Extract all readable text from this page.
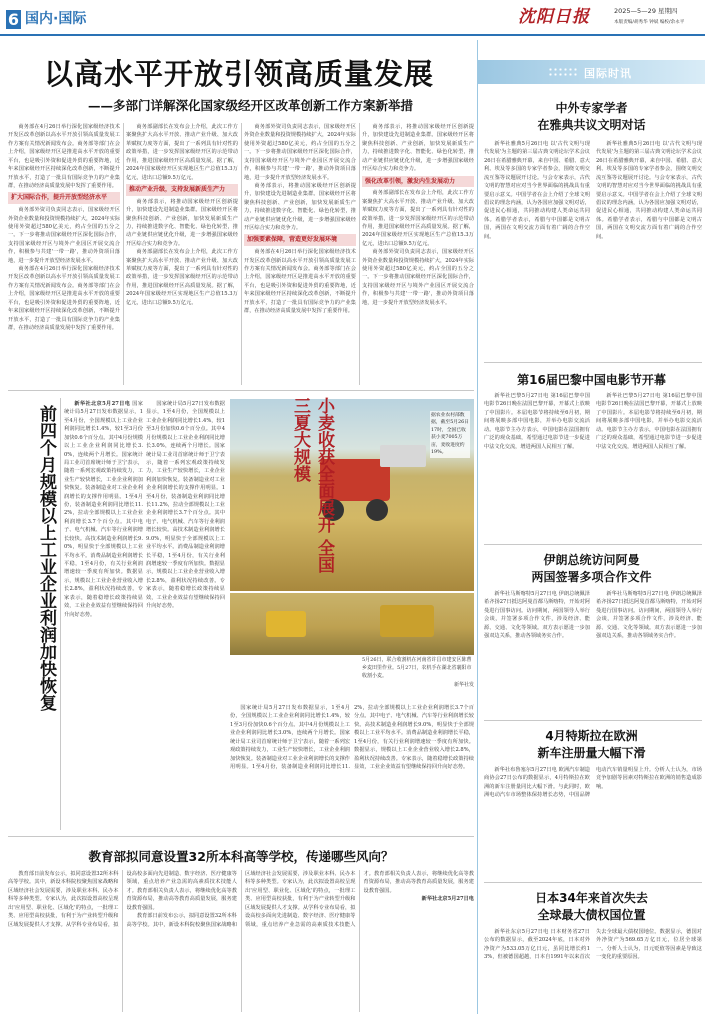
6 国内·国际	沈阳日报	2025—5—29 星期四
本版责编/胡秀华 钟斌 编校/余永平
以高水平开放引领高质量发展
——多部门详解深化国家级经开区改革创新工作方案新举措

商务部在4月26日举行深化国家级经济技术开发区改革创新以高水平开放引领高质量发展工作方案有关情况新闻发布会。商务部等部门在会上介绍，国家级经开区是推进高水平开放的重要平台，也是吸引外资和促进外贸的重要阵地，近年来国家级经开区持续深化改革创新，不断提升开放水平，打造了一批具有国际竞争力的产业集群，在推动经济高质量发展中发挥了重要作用。

扩大国际合作，提升开放型经济水平

商务部外资司负责同志表示，国家级经开区外资企业数量和投资规模持续扩大，2024年实际使用外资超过580亿美元，约占全国的五分之一。下一步将推动国家级经开区深化国际合作，支持国家级经开区与境外产业园区开展交流合作，积极参与共建'一带一路'，推动外资项目落地，进一步提升开放型经济发展水平。

商务部在4月26日举行深化国家级经济技术开发区改革创新以高水平开放引领高质量发展工作方案有关情况新闻发布会。商务部等部门在会上介绍，国家级经开区是推进高水平开放的重要平台，也是吸引外资和促进外贸的重要阵地，近年来国家级经开区持续深化改革创新，不断提升开放水平，打造了一批具有国际竞争力的产业集群，在推动经济高质量发展中发挥了重要作用。

商务部副部长在发布会上介绍，此次工作方案聚焦扩大高水平开放、推动产业升级、加大改革赋权力度等方面，提出了一系列具有针对性的政策举措，进一步发挥国家级经开区的示范带动作用，推进国家级经开区高质量发展。据了解，2024年国家级经开区实现地区生产总值15.3万亿元，进出口总额9.5万亿元。

推动产业升级，支持发展新质生产力

商务部表示，将推动国家级经开区创新提升，加快建设先进制造业集群。国家级经开区将聚焦科技创新、产业创新，加快发展新质生产力，持续推进数字化、智能化、绿色化转型，推动产业链供应链优化升级，进一步增强国家级经开区综合实力和竞争力。

商务部副部长在发布会上介绍，此次工作方案聚焦扩大高水平开放、推动产业升级、加大改革赋权力度等方面，提出了一系列具有针对性的政策举措，进一步发挥国家级经开区的示范带动作用，推进国家级经开区高质量发展。据了解，2024年国家级经开区实现地区生产总值15.3万亿元，进出口总额9.5万亿元。

商务部外资司负责同志表示，国家级经开区外资企业数量和投资规模持续扩大，2024年实际使用外资超过580亿美元，约占全国的五分之一。下一步将推动国家级经开区深化国际合作，支持国家级经开区与境外产业园区开展交流合作，积极参与共建'一带一路'，推动外资项目落地，进一步提升开放型经济发展水平。

商务部表示，将推动国家级经开区创新提升，加快建设先进制造业集群。国家级经开区将聚焦科技创新、产业创新，加快发展新质生产力，持续推进数字化、智能化、绿色化转型，推动产业链供应链优化升级，进一步增强国家级经开区综合实力和竞争力。

加强要素保障，营造更好发展环境

商务部在4月26日举行深化国家级经济技术开发区改革创新以高水平开放引领高质量发展工作方案有关情况新闻发布会。商务部等部门在会上介绍，国家级经开区是推进高水平开放的重要平台，也是吸引外资和促进外贸的重要阵地，近年来国家级经开区持续深化改革创新，不断提升开放水平，打造了一批具有国际竞争力的产业集群，在推动经济高质量发展中发挥了重要作用。

商务部表示，将推动国家级经开区创新提升，加快建设先进制造业集群。国家级经开区将聚焦科技创新、产业创新，加快发展新质生产力，持续推进数字化、智能化、绿色化转型，推动产业链供应链优化升级，进一步增强国家级经开区综合实力和竞争力。

强化改革引领，激发内生发展动力

商务部副部长在发布会上介绍，此次工作方案聚焦扩大高水平开放、推动产业升级、加大改革赋权力度等方面，提出了一系列具有针对性的政策举措，进一步发挥国家级经开区的示范带动作用，推进国家级经开区高质量发展。据了解，2024年国家级经开区实现地区生产总值15.3万亿元，进出口总额9.5万亿元。

商务部外资司负责同志表示，国家级经开区外资企业数量和投资规模持续扩大，2024年实际使用外资超过580亿美元，约占全国的五分之一。下一步将推动国家级经开区深化国际合作，支持国家级经开区与境外产业园区开展交流合作，积极参与共建'一带一路'，推动外资项目落地，进一步提升开放型经济发展水平。

前四个月规模以上工业企业利润加快恢复

新华社北京5月27日电 国家统计局5月27日发布数据显示，1至4月份，全国规模以上工业企业利润同比增长1.4%，较1至3月份加快0.6个百分点。其中4月份规模以上工业企业利润同比增长3.0%，连续两个月增长。国家统计局工业司首席统计师于卫宁表示，随着一系列宏观政策持续发力，工业生产较快增长，工业企业利润加快恢复。装备制造业对工业企业利润增长的支撑作用明显。1至4月份，装备制造业利润同比增长11.2%，拉动全部规模以上工业企业利润增长3.7个百分点。其中电子、电气机械、汽车等行业利润增长较快。高技术制造业利润增长9.0%，明显快于全部规模以上工业平均水平。消费品制造业利润增长平稳，1至4月份，有关行业利润增速较一季度有所加快。数据显示，规模以上工业企业营业收入增长2.8%，盈利状况持续改善。专家表示，随着稳增长政策持续显效，工业企业效益有望继续保持回升向好态势。

国家统计局5月27日发布数据显示，1至4月份，全国规模以上工业企业利润同比增长1.4%，较1至3月份加快0.6个百分点。其中4月份规模以上工业企业利润同比增长3.0%，连续两个月增长。国家统计局工业司首席统计师于卫宁表示，随着一系列宏观政策持续发力，工业生产较快增长，工业企业利润加快恢复。装备制造业对工业企业利润增长的支撑作用明显。1至4月份，装备制造业利润同比增长11.2%，拉动全部规模以上工业企业利润增长3.7个百分点。其中电子、电气机械、汽车等行业利润增长较快。高技术制造业利润增长9.0%，明显快于全部规模以上工业平均水平。消费品制造业利润增长平稳，1至4月份，有关行业利润增速较一季度有所加快。数据显示，规模以上工业企业营业收入增长2.8%，盈利状况持续改善。专家表示，随着稳增长政策持续显效，工业企业效益有望继续保持回升向好态势。

小麦收获全面展开 全国三夏大规模	据农业农村部数据，截至5月26日17时，全国已收获小麦7005万亩，麦收进度约19%。
5月26日，联合收割机在河南省许昌市建安区陈曹乡麦田里作业。5月27日，农机手在湖北省襄阳市收割小麦。
新华社发

国家统计局5月27日发布数据显示，1至4月份，全国规模以上工业企业利润同比增长1.4%，较1至3月份加快0.6个百分点。其中4月份规模以上工业企业利润同比增长3.0%，连续两个月增长。国家统计局工业司首席统计师于卫宁表示，随着一系列宏观政策持续发力，工业生产较快增长，工业企业利润加快恢复。装备制造业对工业企业利润增长的支撑作用明显。1至4月份，装备制造业利润同比增长11.2%，拉动全部规模以上工业企业利润增长3.7个百分点。其中电子、电气机械、汽车等行业利润增长较快。高技术制造业利润增长9.0%，明显快于全部规模以上工业平均水平。消费品制造业利润增长平稳，1至4月份，有关行业利润增速较一季度有所加快。数据显示，规模以上工业企业营业收入增长2.8%，盈利状况持续改善。专家表示，随着稳增长政策持续显效，工业企业效益有望继续保持回升向好态势。

教育部拟同意设置32所本科高等学校，传递哪些风向？

教育部日前发布公示，拟同意设置32所本科高等学校。其中，新设本科院校聚焦国家战略和区域经济社会发展需要，涉及职业本科、民办本科等多种类型。专家认为，此次拟设置高校呈现出'应用型、职业化、区域化'的特点，一批理工类、应用型高校获批，有利于为产业转型升级和区域发展提供人才支撑。从学科专业布局看，拟设高校多面向先进制造、数字经济、医疗健康等领域，重点培养产业急需的高素质技术技能人才。教育部相关负责人表示，将继续优化高等教育资源布局，推动高等教育高质量发展，服务建设教育强国。

教育部日前发布公示，拟同意设置32所本科高等学校。其中，新设本科院校聚焦国家战略和区域经济社会发展需要，涉及职业本科、民办本科等多种类型。专家认为，此次拟设置高校呈现出'应用型、职业化、区域化'的特点，一批理工类、应用型高校获批，有利于为产业转型升级和区域发展提供人才支撑。从学科专业布局看，拟设高校多面向先进制造、数字经济、医疗健康等领域，重点培养产业急需的高素质技术技能人才。教育部相关负责人表示，将继续优化高等教育资源布局，推动高等教育高质量发展，服务建设教育强国。

新华社北京5月27日电

国际时讯
中外专家学者
在雅典共议文明对话

新华社雅典5月26日电 以'古代文明与现代发展'为主题的第三届古典文明论坛学术会议26日在希腊雅典开幕，来自中国、希腊、意大利、埃及等多国的专家学者参会，围绕文明交流互鉴等议题展开讨论。与会专家表示，古代文明的智慧对应对当今世界面临的挑战具有重要启示意义。中国学者在会上介绍了全球文明倡议的理念内涵，认为各国应加强文明对话，促进民心相通，共同推动构建人类命运共同体。希腊学者表示，希腊与中国都是文明古国，两国在文明交流方面有着广阔的合作空间。

新华社雅典5月26日电 以'古代文明与现代发展'为主题的第三届古典文明论坛学术会议26日在希腊雅典开幕，来自中国、希腊、意大利、埃及等多国的专家学者参会，围绕文明交流互鉴等议题展开讨论。与会专家表示，古代文明的智慧对应对当今世界面临的挑战具有重要启示意义。中国学者在会上介绍了全球文明倡议的理念内涵，认为各国应加强文明对话，促进民心相通，共同推动构建人类命运共同体。希腊学者表示，希腊与中国都是文明古国，两国在文明交流方面有着广阔的合作空间。

第16届巴黎中国电影节开幕

新华社巴黎5月27日电 第16届巴黎中国电影节26日晚在法国巴黎开幕，开幕式上放映了中国影片。本届电影节将持续至6月初，期间将展映多部中国电影，并举办电影交流活动。电影节主办方表示，中国电影在法国拥有广泛的观众基础，希望通过电影节进一步促进中法文化交流，增进两国人民相互了解。

新华社巴黎5月27日电 第16届巴黎中国电影节26日晚在法国巴黎开幕，开幕式上放映了中国影片。本届电影节将持续至6月初，期间将展映多部中国电影，并举办电影交流活动。电影节主办方表示，中国电影在法国拥有广泛的观众基础，希望通过电影节进一步促进中法文化交流，增进两国人民相互了解。

伊朗总统访问阿曼
两国签署多项合作文件

新华社马斯喀特5月27日电 伊朗总统佩泽希齐扬27日抵达阿曼首都马斯喀特，开始对阿曼进行国事访问。访问期间，两国领导人举行会谈，并签署多项合作文件，涉及经济、能源、交通、文化等领域。双方表示愿进一步加强双边关系，推动各领域务实合作。

新华社马斯喀特5月27日电 伊朗总统佩泽希齐扬27日抵达阿曼首都马斯喀特，开始对阿曼进行国事访问。访问期间，两国领导人举行会谈，并签署多项合作文件，涉及经济、能源、交通、文化等领域。双方表示愿进一步加强双边关系，推动各领域务实合作。

4月特斯拉在欧洲
新车注册量大幅下滑

新华社布鲁塞尔5月27日电 欧洲汽车制造商协会27日公布的数据显示，4月特斯拉在欧洲的新车注册量同比大幅下滑。与此同时，欧洲电动汽车市场整体保持增长态势，中国品牌电动汽车销量明显上升。分析人士认为，市场竞争加剧等因素对特斯拉在欧洲的销售造成影响。

日本34年来首次失去
全球最大债权国位置

新华社东京5月27日电 日本财务省27日公布的数据显示，截至2024年底，日本对外净资产为533.05万亿日元，虽同比增长约13%，但被德国超越，日本自1991年以来首次失去全球最大债权国地位。数据显示，德国对外净资产为569.65万亿日元，位居全球第一。分析人士认为，日元贬值等因素是导致这一变化的重要原因。
